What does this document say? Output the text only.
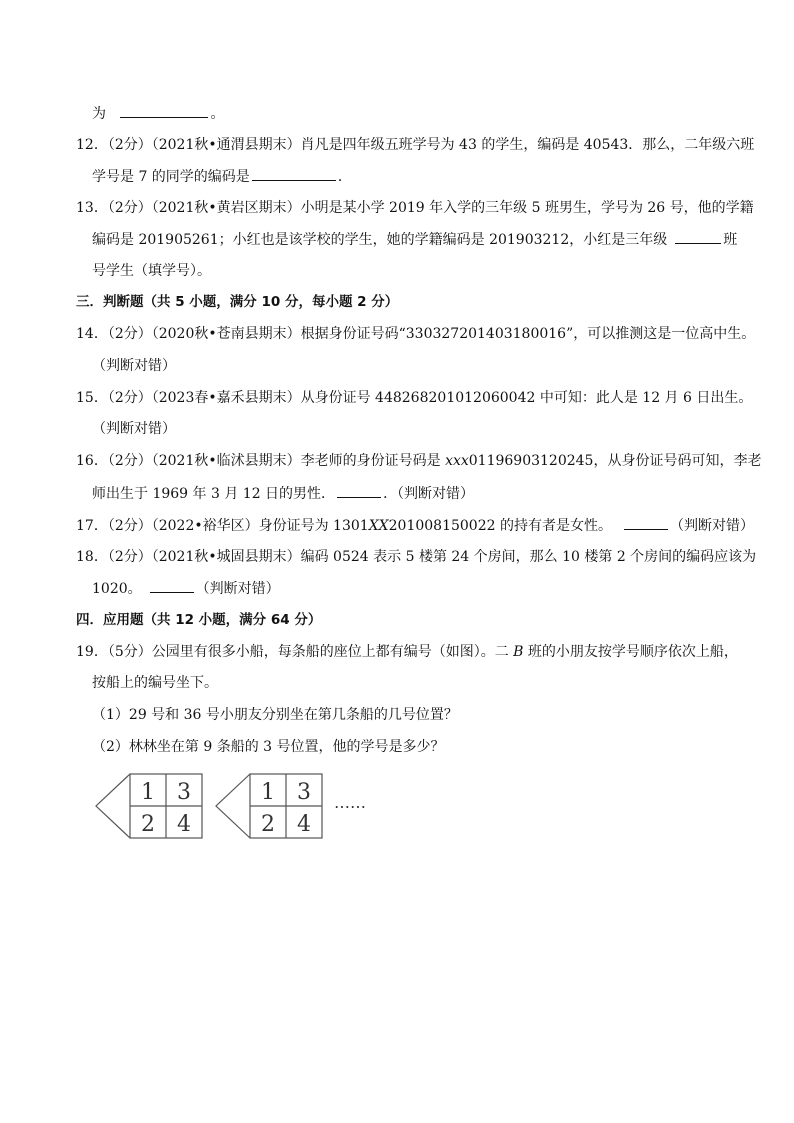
为	。
12．（2分）（2021秋•通渭县期末）肖凡是四年级五班学号为 43 的学生，编码是 40543．那么，二年级六班
学号是 7 的同学的编码是	．
13．（2分）（2021秋•黄岩区期末）小明是某小学 2019 年入学的三年级 5 班男生，学号为 26 号，他的学籍
编码是 201905261；小红也是该学校的学生，她的学籍编码是 201903212，小红是三年级	班
号学生（填学号）。
三．判断题（共 5 小题，满分 10 分，每小题 2 分）
14．（2分）（2020秋•苍南县期末）根据身份证号码“330327201403180016”，可以推测这是一位高中生。
（判断对错）
15．（2分）（2023春•嘉禾县期末）从身份证号 448268201012060042 中可知：此人是 12 月 6 日出生。
（判断对错）
16．（2分）（2021秋•临沭县期末）李老师的身份证号码是 xxx01196903120245，从身份证号码可知，李老
师出生于 1969 年 3 月 12 日的男性．	．（判断对错）
17．（2分）（2022•裕华区）身份证号为 1301XX201008150022 的持有者是女性。	（判断对错）
18．（2分）（2021秋•城固县期末）编码 0524 表示 5 楼第 24 个房间，那么 10 楼第 2 个房间的编码应该为
1020。	（判断对错）
四．应用题（共 12 小题，满分 64 分）
19．（5分）公园里有很多小船，每条船的座位上都有编号（如图）。二 B 班的小朋友按学号顺序依次上船，
按船上的编号坐下。
（1）29 号和 36 号小朋友分别坐在第几条船的几号位置？
（2）林林坐在第 9 条船的 3 号位置，他的学号是多少？
1 3
2 4
1 3
2 4
……
